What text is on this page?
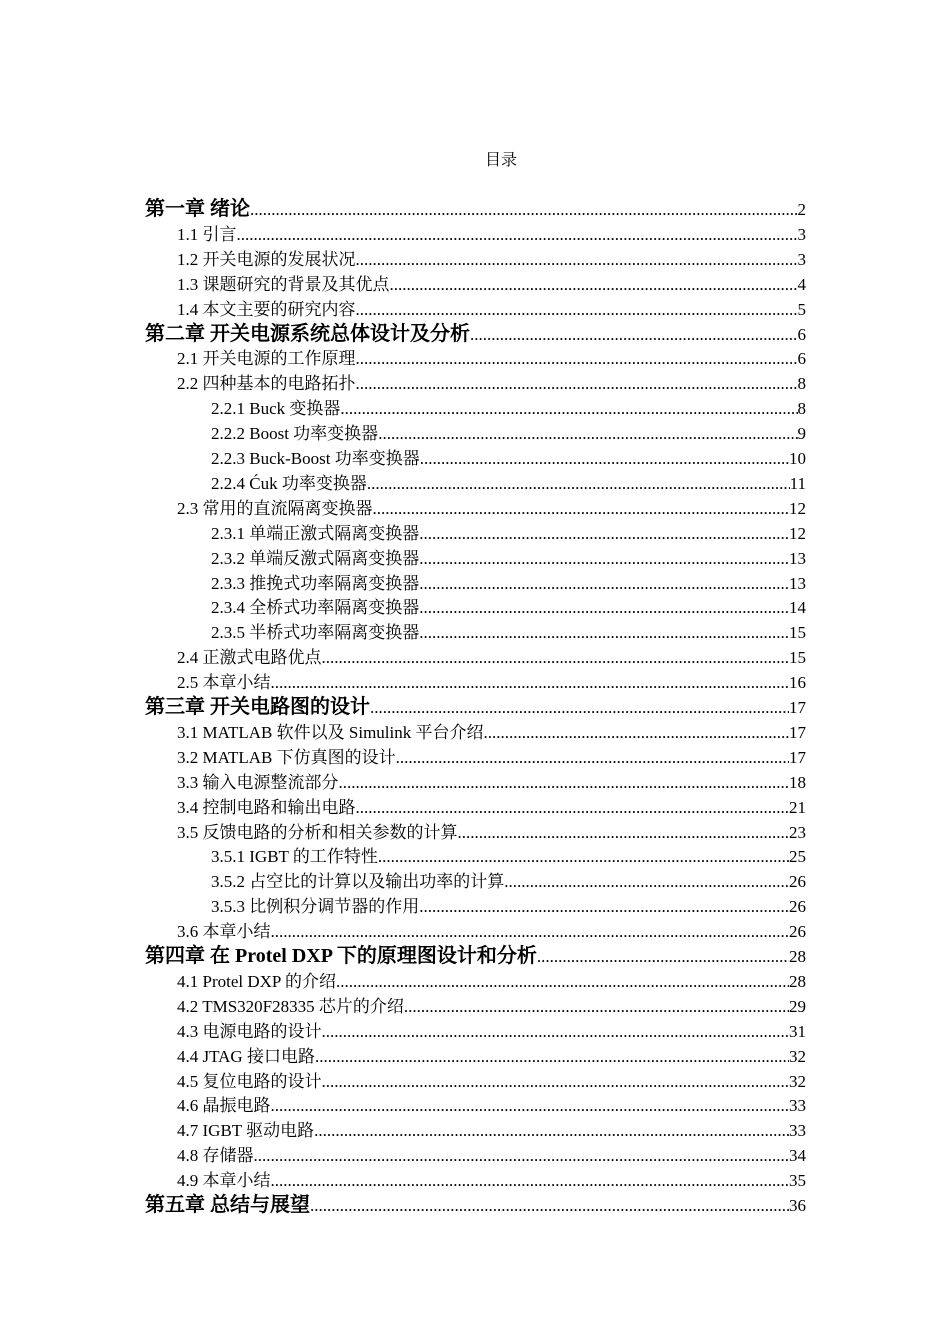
目录
第一章 绪论 .....	2
1.1 引言 .....	3
1.2 开关电源的发展状况 .....	3
1.3 课题研究的背景及其优点 .....	4
1.4 本文主要的研究内容 .....	5
第二章 开关电源系统总体设计及分析 .....	6
2.1 开关电源的工作原理 .....	6
2.2 四种基本的电路拓扑 .....	8
2.2.1 Buck 变换器 .....	8
2.2.2 Boost 功率变换器 .....	9
2.2.3 Buck-Boost 功率变换器 .....	10
2.2.4 Ćuk 功率变换器 .....	11
2.3 常用的直流隔离变换器 .....	12
2.3.1 单端正激式隔离变换器 .....	12
2.3.2 单端反激式隔离变换器 .....	13
2.3.3 推挽式功率隔离变换器 .....	13
2.3.4 全桥式功率隔离变换器 .....	14
2.3.5 半桥式功率隔离变换器 .....	15
2.4 正激式电路优点 .....	15
2.5 本章小结 .....	16
第三章 开关电路图的设计 .....	17
3.1 MATLAB 软件以及 Simulink 平台介绍 .....	17
3.2 MATLAB 下仿真图的设计 .....	17
3.3 输入电源整流部分 .....	18
3.4 控制电路和输出电路 .....	21
3.5 反馈电路的分析和相关参数的计算 .....	23
3.5.1 IGBT 的工作特性 .....	25
3.5.2 占空比的计算以及输出功率的计算 .....	26
3.5.3 比例积分调节器的作用 .....	26
3.6 本章小结 .....	26
第四章 在 Protel DXP 下的原理图设计和分析 .....	28
4.1 Protel DXP 的介绍 .....	28
4.2 TMS320F28335 芯片的介绍 .....	29
4.3 电源电路的设计 .....	31
4.4 JTAG 接口电路 .....	32
4.5 复位电路的设计 .....	32
4.6 晶振电路 .....	33
4.7 IGBT 驱动电路 .....	33
4.8 存储器 .....	34
4.9 本章小结 .....	35
第五章 总结与展望 .....	36
